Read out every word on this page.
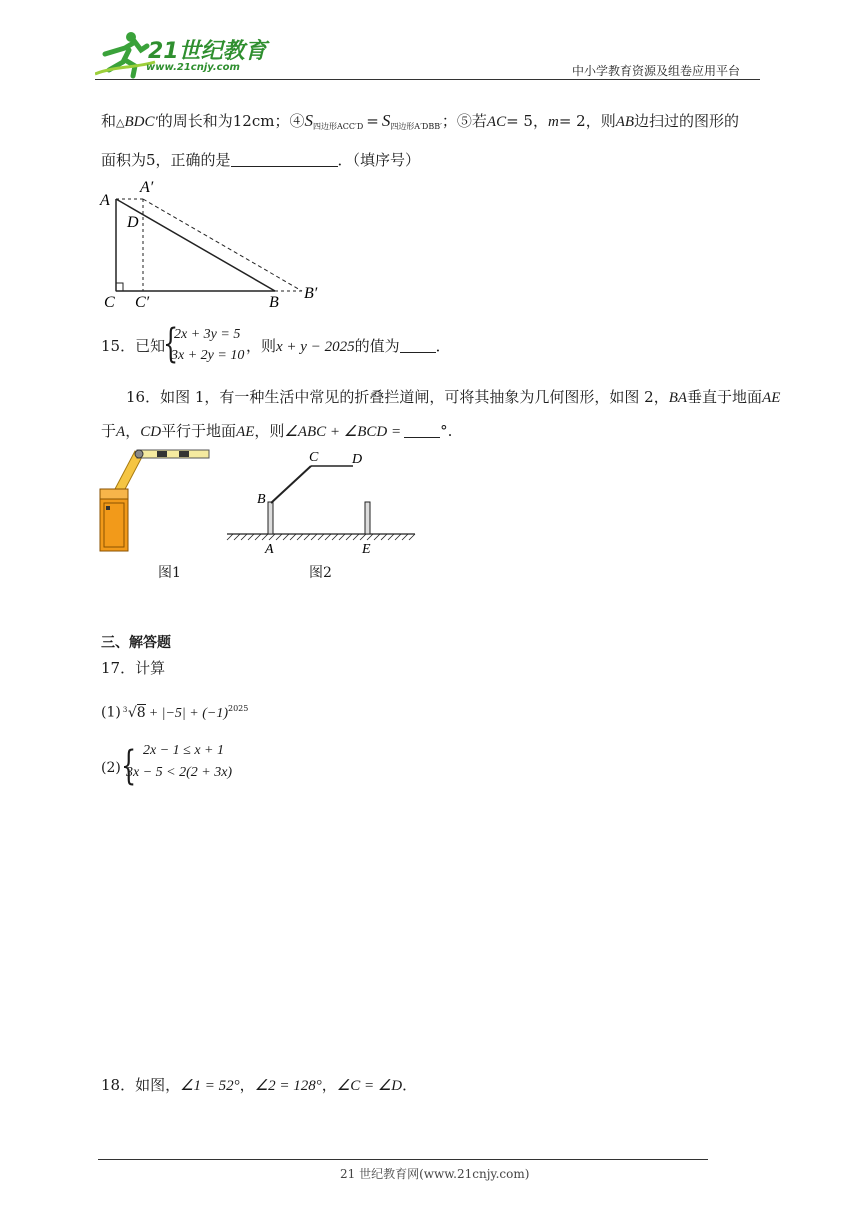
21世纪教育
www.21cnjy.com	中小学教育资源及组卷应用平台
和△BDC′的周长和为12cm；$④S_{四边形ACC'D} = S_{四边形A'DBB'}$；⑤若AC= 5，m= 2，则AB边扫过的图形的
面积为5，正确的是	．（填序号）
A
A′
D
C C′	B
B′
15．已知
{
2x + 3y = 5
3x + 2y = 10
，则x + y − 2025的值为 ．
16．如图 1，有一种生活中常见的折叠拦道闸，可将其抽象为几何图形，如图 2，BA垂直于地面AE
于A，CD平行于地面AE，则∠ABC + ∠BCD =	°.
图1
C D
B
A	E
图2
三、解答题
17．计算
(1) 3 $√8 + |-5| + (-1)^{2025}$
(2) { 2x − 1 ≤ x + 1
3x − 5 < 2(2 + 3x)
18．如图，∠1 = 52°，∠2 = 128°，∠C = ∠D．
21 世纪教育网(www.21cnjy.com)
